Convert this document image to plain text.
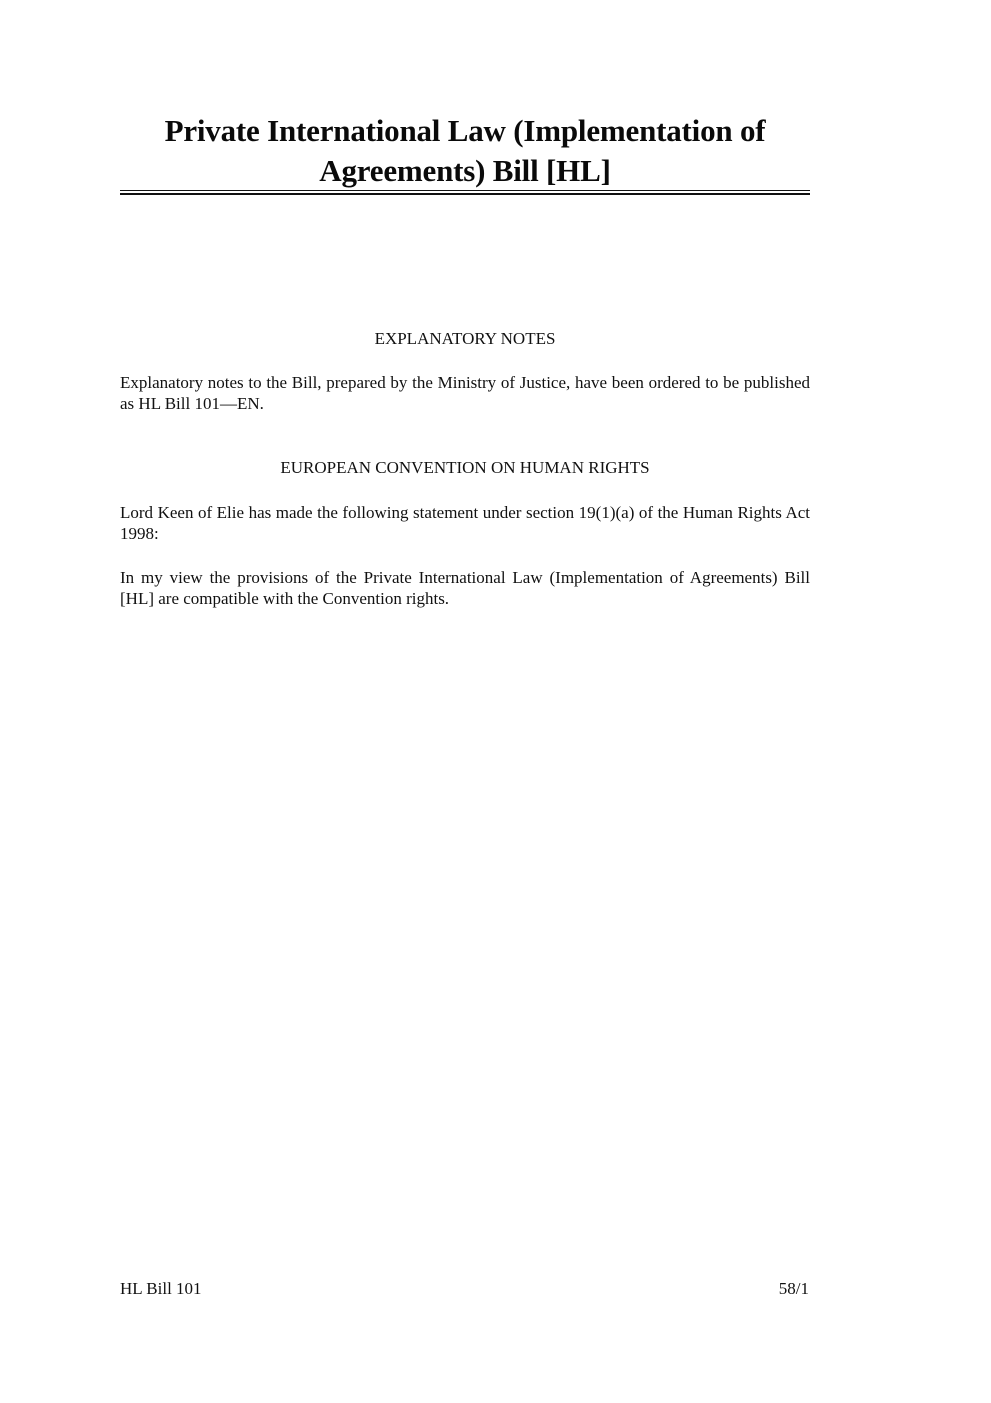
Private International Law (Implementation of Agreements) Bill [HL]
EXPLANATORY NOTES

Explanatory notes to the Bill, prepared by the Ministry of Justice, have been ordered to be published as HL Bill 101—EN.

EUROPEAN CONVENTION ON HUMAN RIGHTS

Lord Keen of Elie has made the following statement under section 19(1)(a) of the Human Rights Act 1998:

In my view the provisions of the Private International Law (Implementation of Agreements) Bill [HL] are compatible with the Convention rights.

HL Bill 101	58/1
